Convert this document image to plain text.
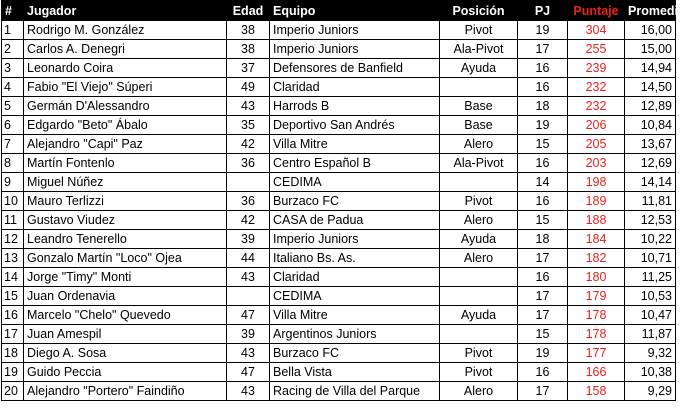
#	Jugador	Edad	Equipo	Posición	PJ	Puntaje	Promedio
1	Rodrigo M. González	38	Imperio Juniors	Pivot	19	304	16,00
2	Carlos A. Denegri	38	Imperio Juniors	Ala-Pivot	17	255	15,00
3	Leonardo Coira	37	Defensores de Banfield	Ayuda	16	239	14,94
4	Fabio "El Viejo" Súperi	49	Claridad		16	232	14,50
5	Germán D'Alessandro	43	Harrods B	Base	18	232	12,89
6	Edgardo "Beto" Ábalo	35	Deportivo San Andrés	Base	19	206	10,84
7	Alejandro "Capi" Paz	42	Villa Mitre	Alero	15	205	13,67
8	Martín Fontenlo	36	Centro Español B	Ala-Pivot	16	203	12,69
9	Miguel Núñez		CEDIMA		14	198	14,14
10	Mauro Terlizzi	36	Burzaco FC	Pivot	16	189	11,81
11	Gustavo Viudez	42	CASA de Padua	Alero	15	188	12,53
12	Leandro Tenerello	39	Imperio Juniors	Ayuda	18	184	10,22
13	Gonzalo Martín "Loco" Ojea	44	Italiano Bs. As.	Alero	17	182	10,71
14	Jorge "Timy" Monti	43	Claridad		16	180	11,25
15	Juan Ordenavia		CEDIMA		17	179	10,53
16	Marcelo "Chelo" Quevedo	47	Villa Mitre	Ayuda	17	178	10,47
17	Juan Amespil	39	Argentinos Juniors		15	178	11,87
18	Diego A. Sosa	43	Burzaco FC	Pivot	19	177	9,32
19	Guido Peccia	47	Bella Vista	Pivot	16	166	10,38
20	Alejandro "Portero" Faindiño	43	Racing de Villa del Parque	Alero	17	158	9,29
